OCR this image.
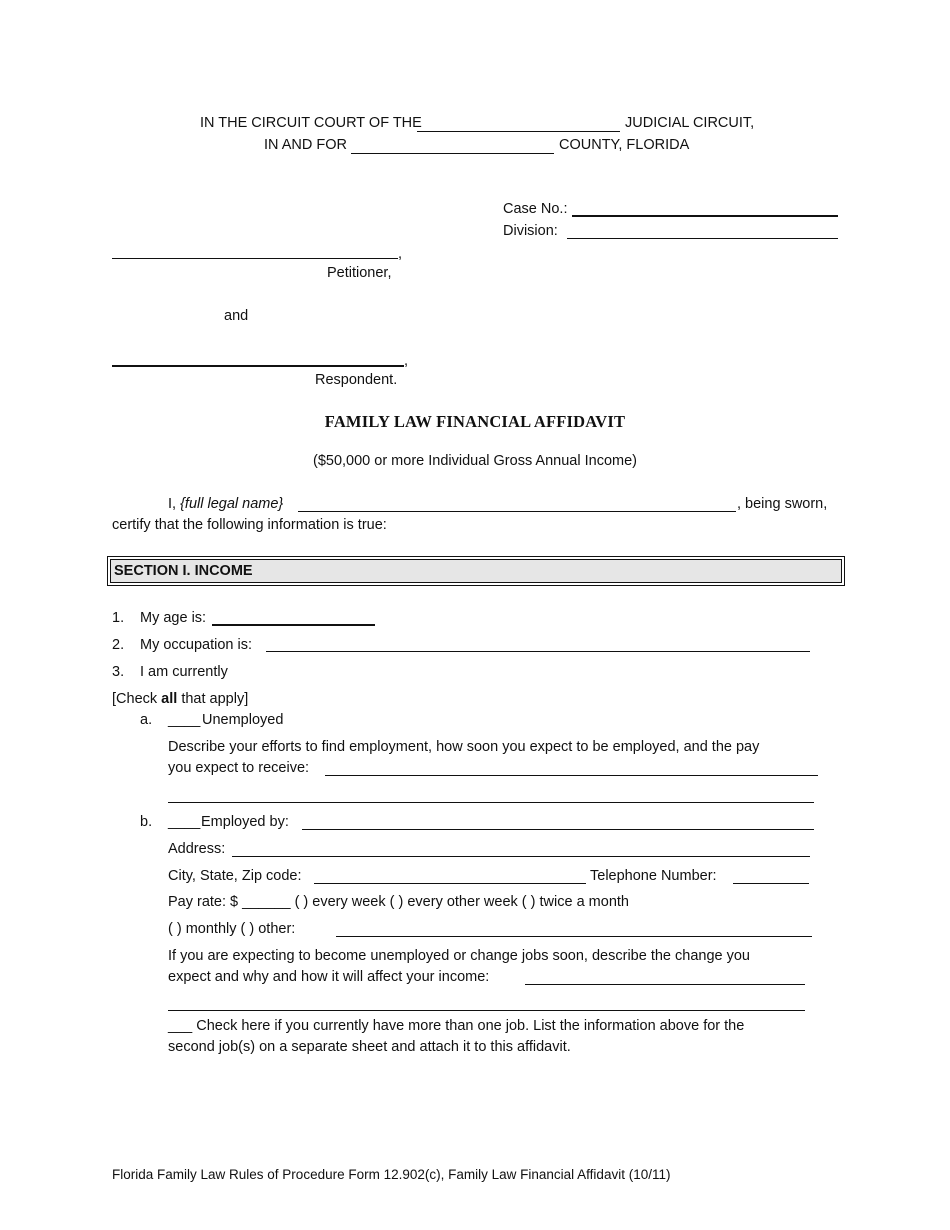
IN THE CIRCUIT COURT OF THE	JUDICIAL CIRCUIT,
IN AND FOR	COUNTY, FLORIDA
Case No.:
Division:
,
Petitioner,
and
,
Respondent.
FAMILY LAW FINANCIAL AFFIDAVIT
($50,000 or more Individual Gross Annual Income)
I, {full legal name}	, being sworn,
certify that the following information is true:
SECTION I. INCOME
1. My age is:
2. My occupation is:
3. I am currently
[Check all that apply]
a. ____ Unemployed
Describe your efforts to find employment, how soon you expect to be employed, and the pay
you expect to receive:
b. ____ Employed by:
Address:
City, State, Zip code:	Telephone Number:
Pay rate: $ ______ ( ) every week ( ) every other week ( ) twice a month
( ) monthly ( ) other:
If you are expecting to become unemployed or change jobs soon, describe the change you
expect and why and how it will affect your income:
___ Check here if you currently have more than one job. List the information above for the
second job(s) on a separate sheet and attach it to this affidavit.
Florida Family Law Rules of Procedure Form 12.902(c), Family Law Financial Affidavit (10/11)
